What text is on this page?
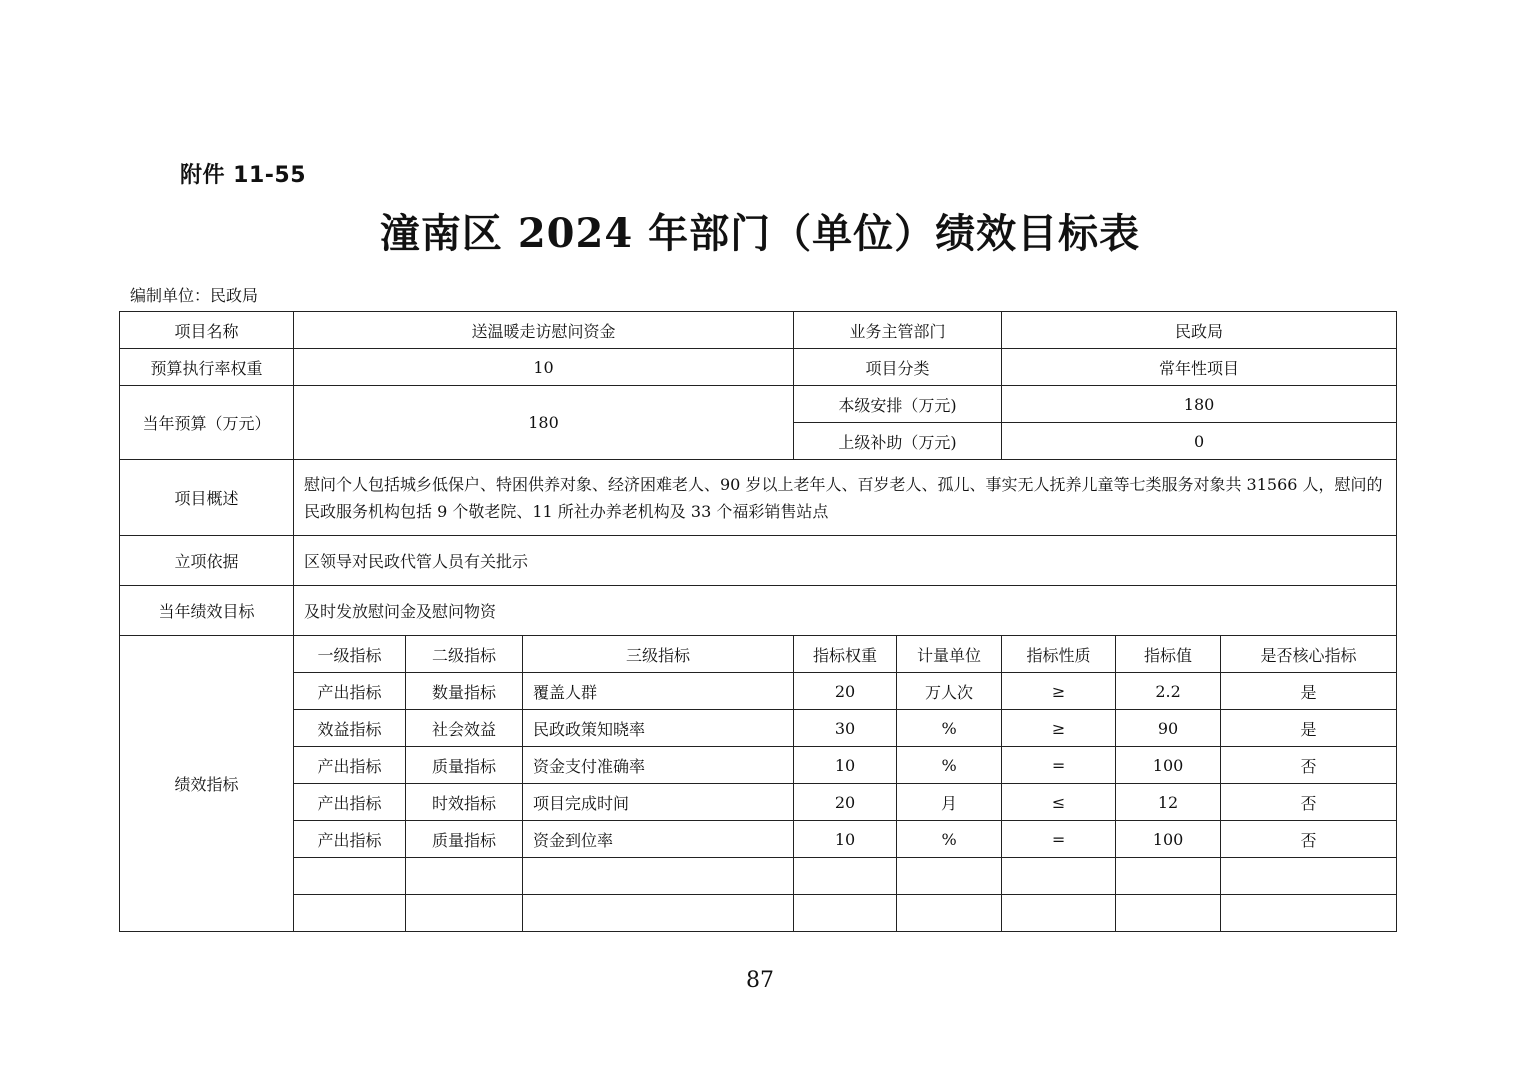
附件 11-55
潼南区 2024 年部门（单位）绩效目标表
编制单位：民政局
项目名称	送温暖走访慰问资金			业务主管部门		民政局		
预算执行率权重	10			项目分类		常年性项目		
当年预算（万元）	180			本级安排（万元)		180		
				上级补助（万元)		0		
项目概述	慰问个人包括城乡低保户、特困供养对象、经济困难老人、90 岁以上老年人、百岁老人、孤儿、事实无人抚养儿童等七类服务对象共 31566 人，慰问的民政服务机构包括 9 个敬老院、11 所社办养老机构及 33 个福彩销售站点							
立项依据	区领导对民政代管人员有关批示							
当年绩效目标	及时发放慰问金及慰问物资							
绩效指标	一级指标	二级指标	三级指标	指标权重	计量单位	指标性质	指标值	是否核心指标
	产出指标	数量指标	覆盖人群	20	万人次	≥	2.2	是
	效益指标	社会效益	民政政策知晓率	30	%	≥	90	是
	产出指标	质量指标	资金支付准确率	10	%	=	100	否
	产出指标	时效指标	项目完成时间	20	月	≤	12	否
	产出指标	质量指标	资金到位率	10	%	=	100	否

87
